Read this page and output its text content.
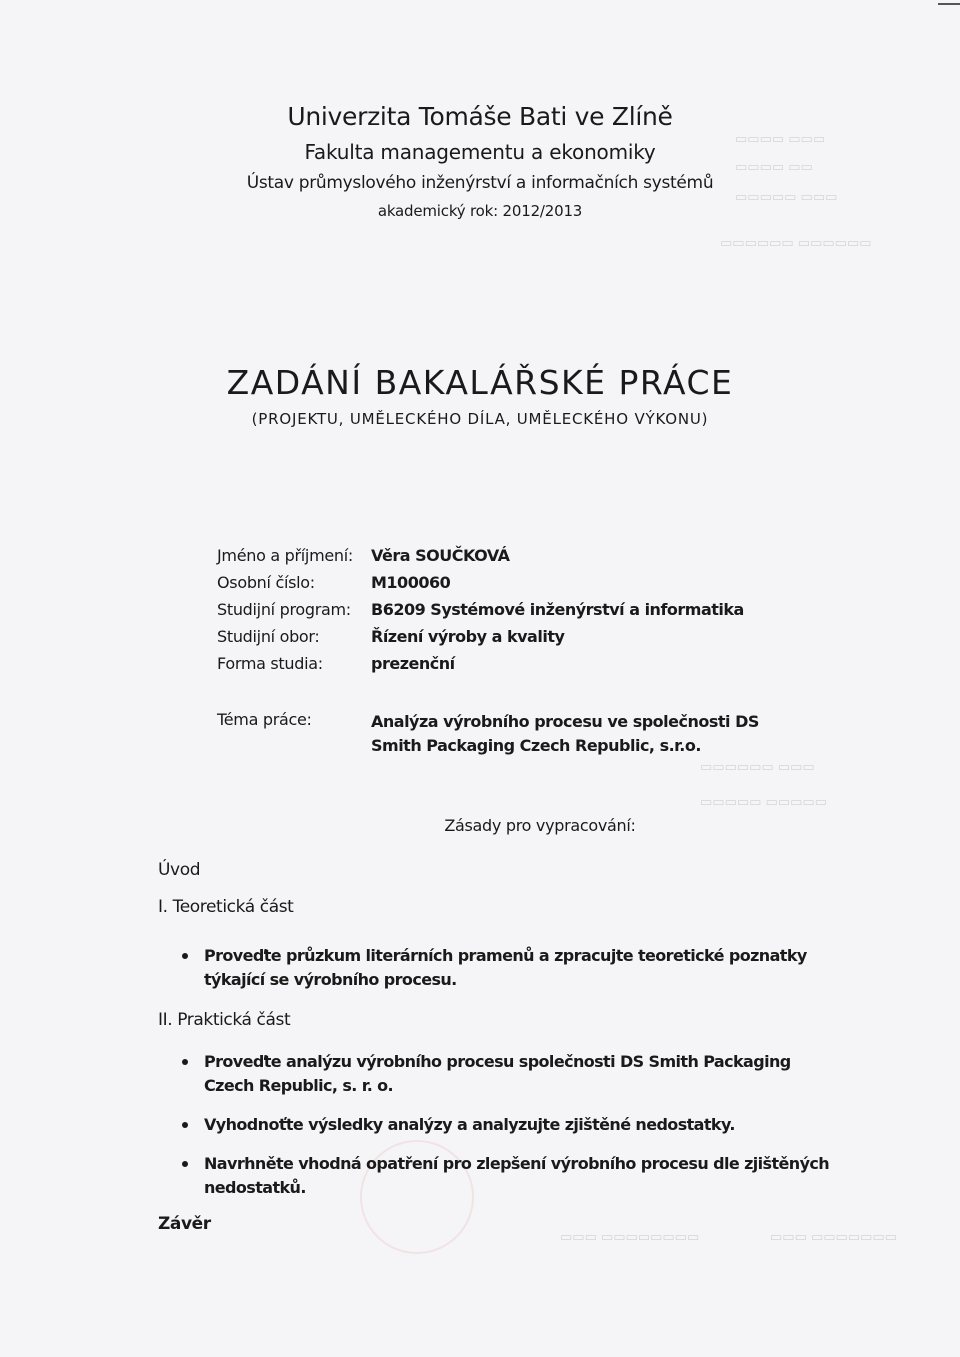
▭▭▭▭ ▭▭▭
▭▭▭▭ ▭▭
▭▭▭▭▭ ▭▭▭
▭▭▭▭▭▭ ▭▭▭▭▭▭
▭▭▭▭▭▭ ▭▭▭
▭▭▭▭▭ ▭▭▭▭▭
▭▭▭ ▭▭▭▭▭▭▭▭	▭▭▭ ▭▭▭▭▭▭▭
Univerzita Tomáše Bati ve Zlíně
Fakulta managementu a ekonomiky
Ústav průmyslového inženýrství a informačních systémů
akademický rok: 2012/2013
ZADÁNÍ BAKALÁŘSKÉ PRÁCE
(PROJEKTU, UMĚLECKÉHO DÍLA, UMĚLECKÉHO VÝKONU)
Jméno a příjmení: Věra SOUČKOVÁ
Osobní číslo:	M100060
Studijní program: B6209 Systémové inženýrství a informatika
Studijní obor:	Řízení výroby a kvality
Forma studia:	prezenční
Téma práce:	Analýza výrobního procesu ve společnosti DS Smith Packaging Czech Republic, s.r.o.
Zásady pro vypracování:
Úvod
I. Teoretická část
Proveďte průzkum literárních pramenů a zpracujte teoretické poznatky týkající se výrobního procesu.
II. Praktická část
Proveďte analýzu výrobního procesu společnosti DS Smith Packaging Czech Republic, s. r. o.
Vyhodnoťte výsledky analýzy a analyzujte zjištěné nedostatky.
Navrhněte vhodná opatření pro zlepšení výrobního procesu dle zjištěných nedostatků.
Závěr
